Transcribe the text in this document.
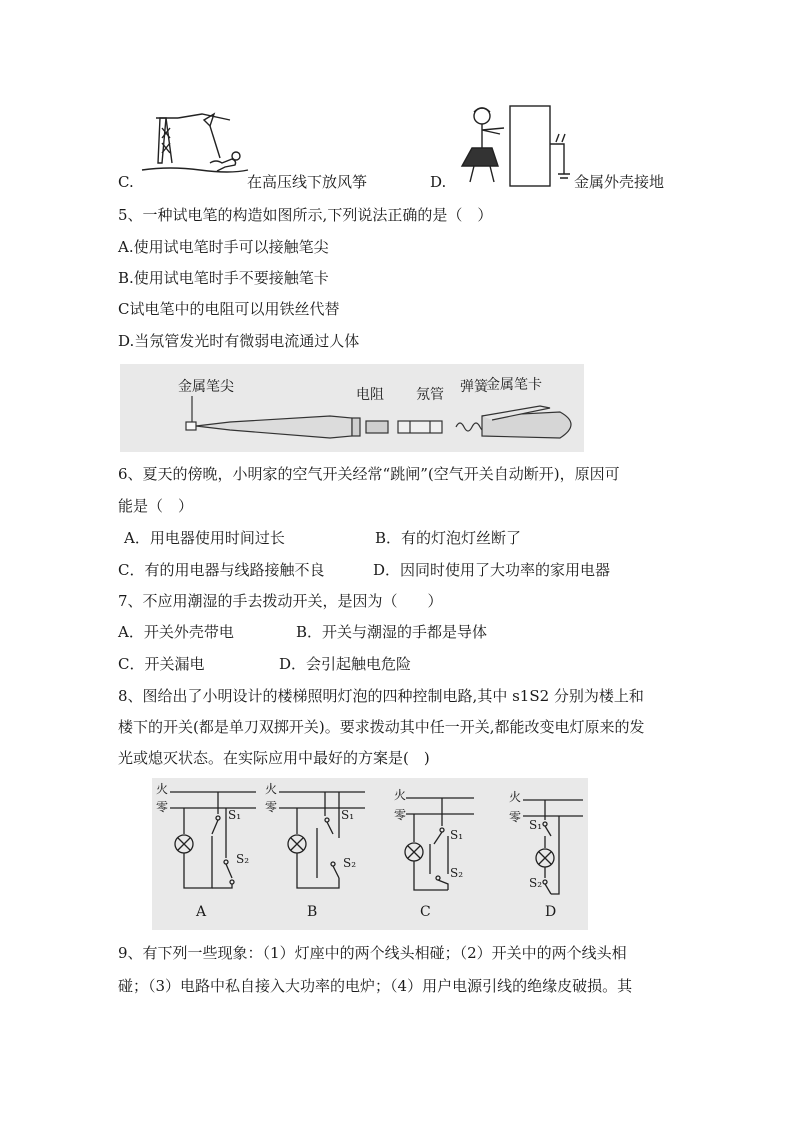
C.	在高压线下放风筝	D.	金属外壳接地
5、一种试电笔的构造如图所示,下列说法正确的是（　）
A.使用试电笔时手可以接触笔尖
B.使用试电笔时手不要接触笔卡
C试电笔中的电阻可以用铁丝代替
D.当氖管发光时有微弱电流通过人体
金属笔尖	电阻 氖管 弹簧
金属笔卡
6、夏天的傍晚，小明家的空气开关经常“跳闸”(空气开关自动断开)，原因可
能是（　）
A．用电器使用时间过长	B．有的灯泡灯丝断了
C．有的用电器与线路接触不良	D．因同时使用了大功率的家用电器
7、不应用潮湿的手去拨动开关，是因为（　　）
A．开关外壳带电	B．开关与潮湿的手都是导体
C．开关漏电	D．会引起触电危险
8、图给出了小明设计的楼梯照明灯泡的四种控制电路,其中 s1S2 分别为楼上和
楼下的开关(都是单刀双掷开关)。要求拨动其中任一开关,都能改变电灯原来的发
光或熄灭状态。在实际应用中最好的方案是(　)
火
零
S₁
S₂
A
火
零
S₁
S₂
B
火
零
S₁
S₂
C
火
零
S₁
S₂
D
9、有下列一些现象：（1）灯座中的两个线头相碰；（2）开关中的两个线头相
碰；（3）电路中私自接入大功率的电炉；（4）用户电源引线的绝缘皮破损。其
